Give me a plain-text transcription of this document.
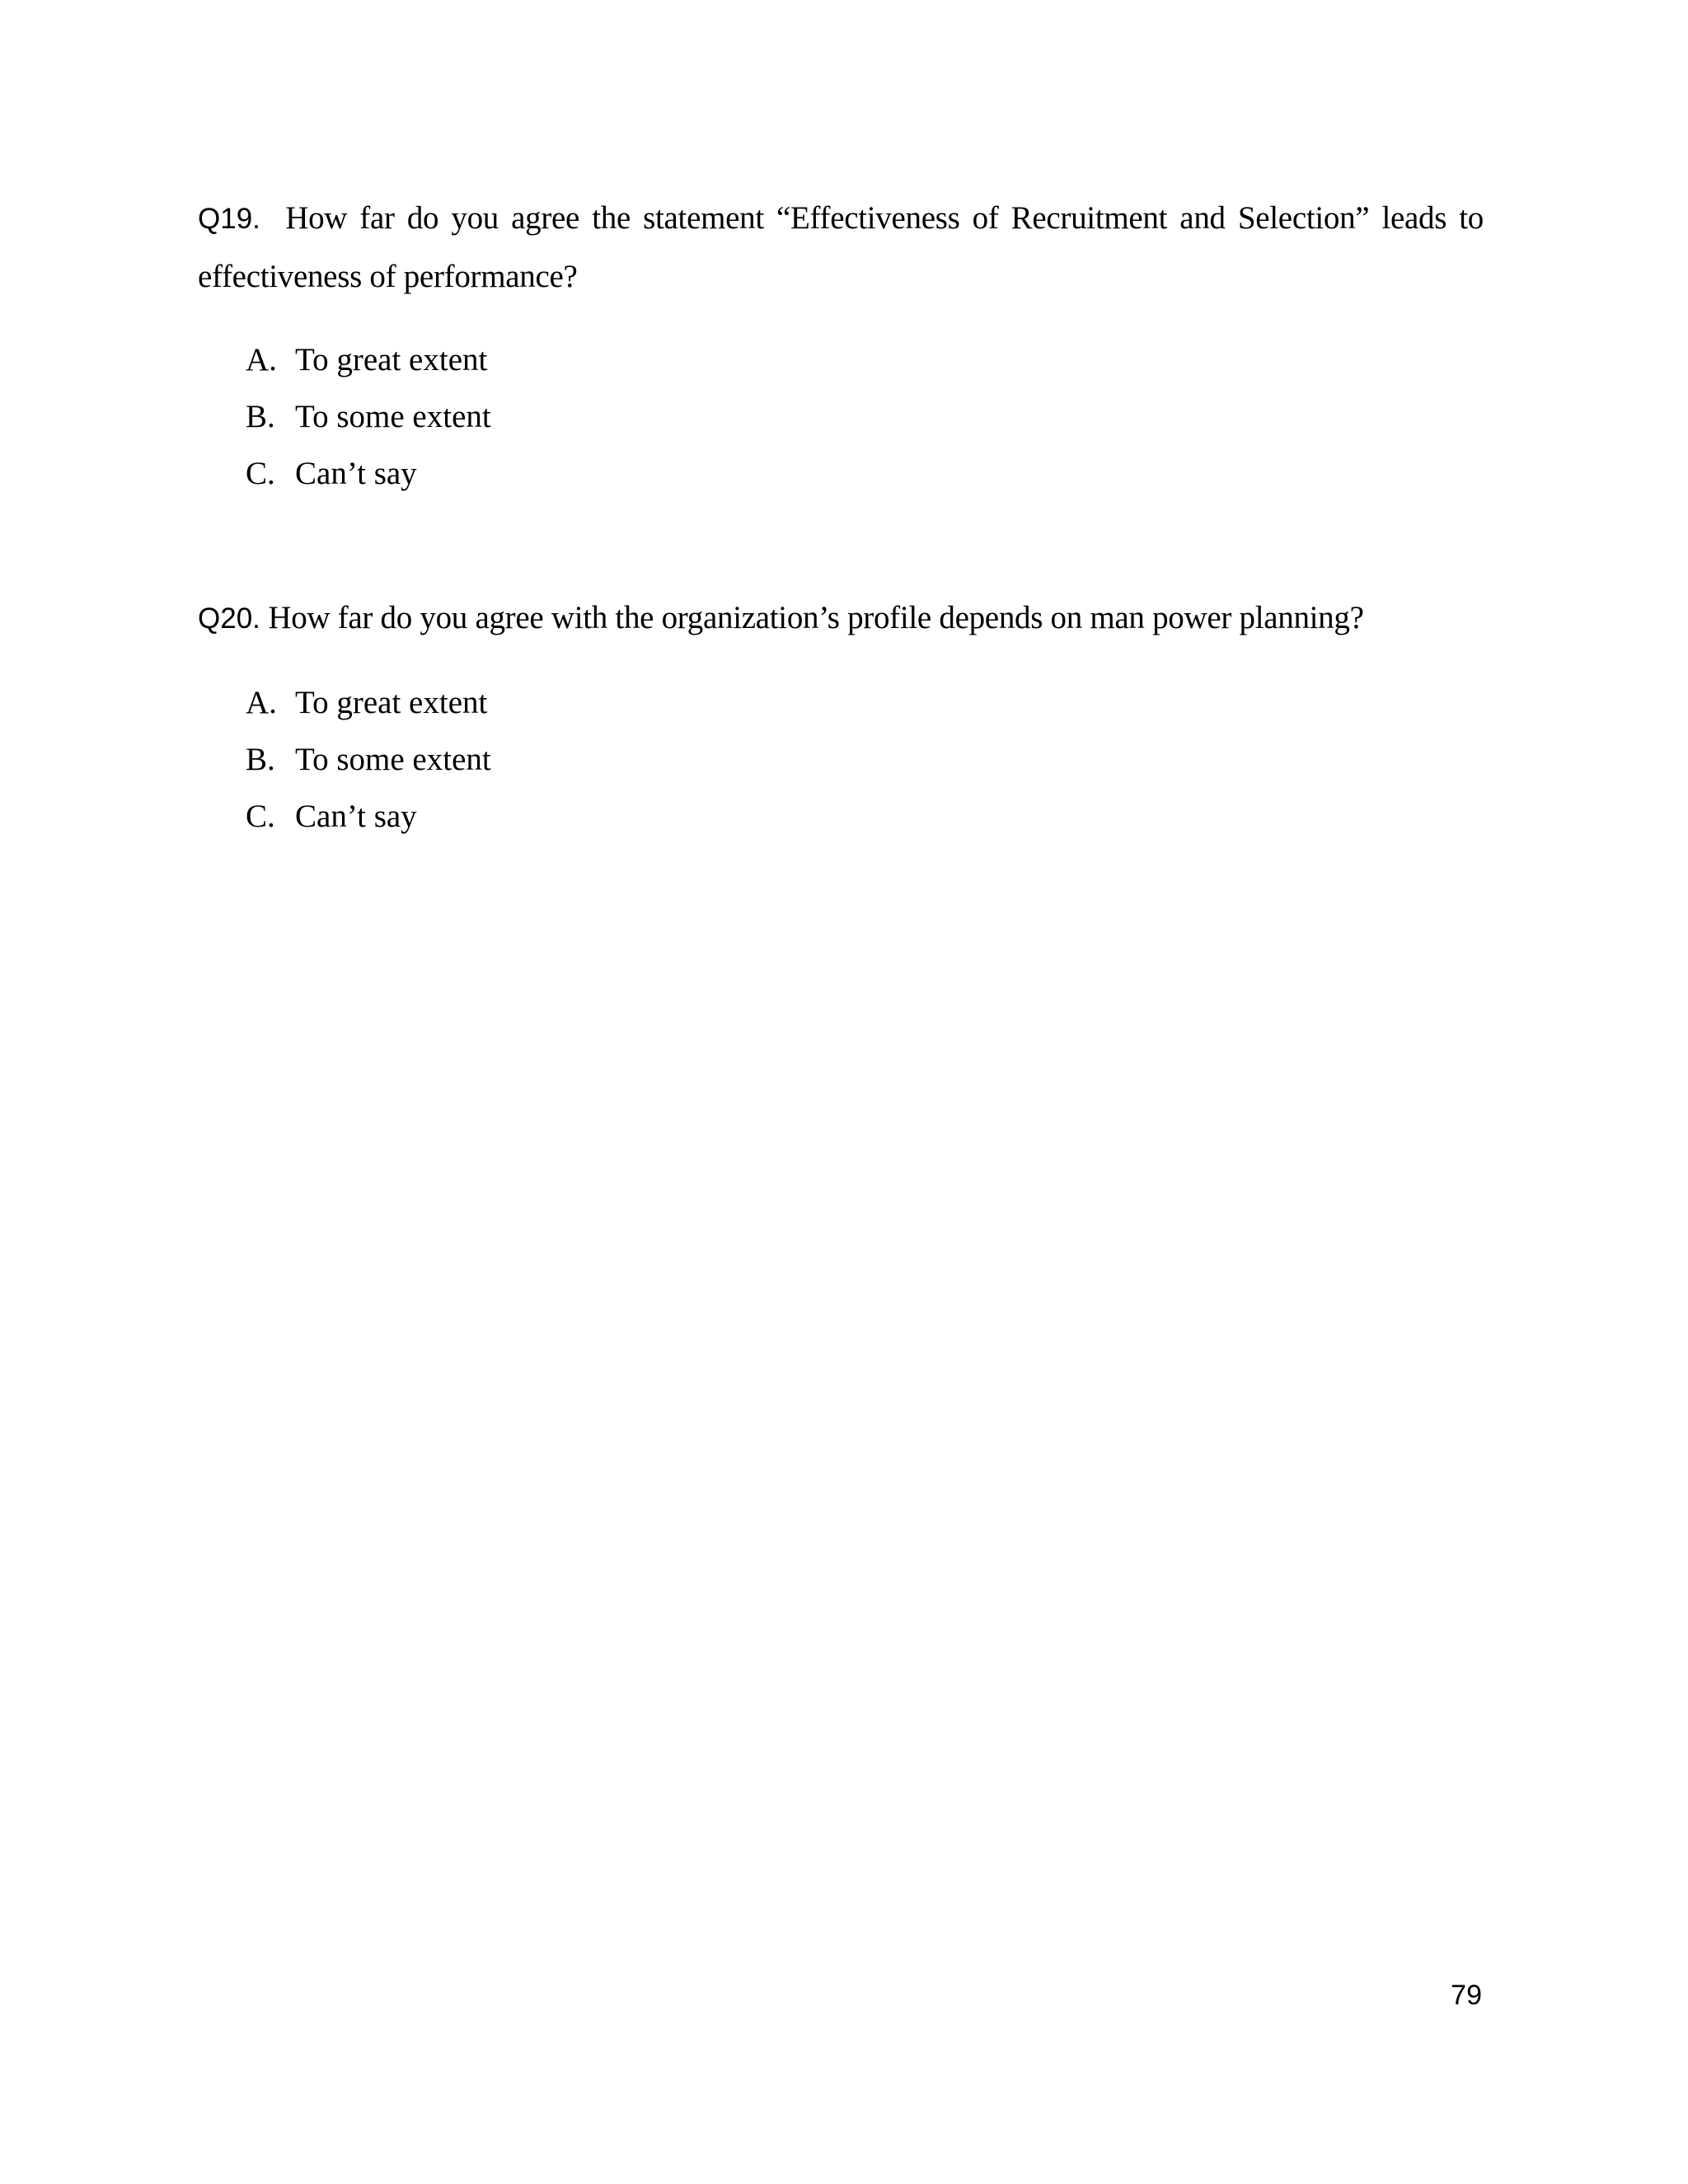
Q19. How far do you agree the statement “Effectiveness of Recruitment and Selection” leads to effectiveness of performance?

A. To great extent
B. To some extent
C. Can’t say

Q20. How far do you agree with the organization’s profile depends on man power planning?

A. To great extent
B. To some extent
C. Can’t say
79
